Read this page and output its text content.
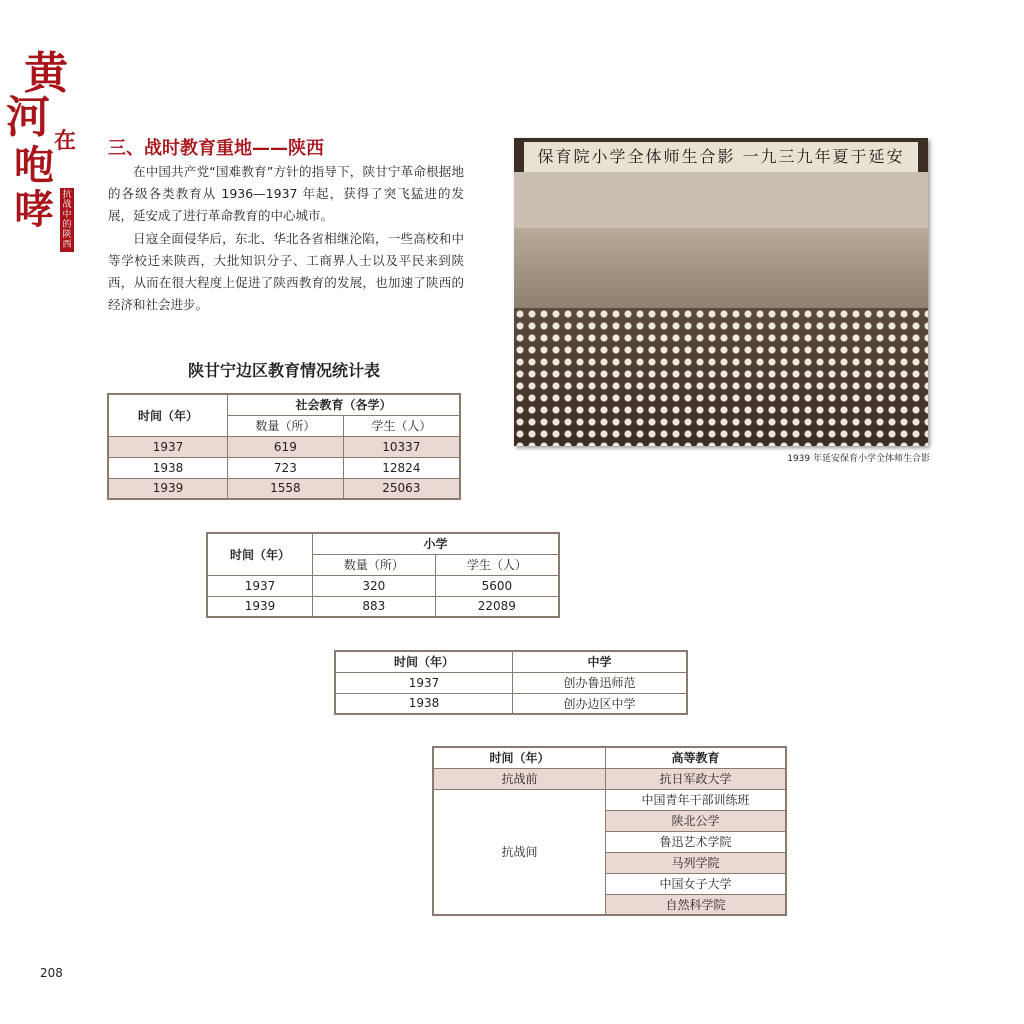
黄
河 在
咆
哮 抗战中的陕西
三、战时教育重地——陕西
在中国共产党“国难教育”方针的指导下，陕甘宁革命根据地的各级各类教育从 1936—1937 年起，获得了突飞猛进的发展，延安成了进行革命教育的中心城市。
日寇全面侵华后，东北、华北各省相继沦陷，一些高校和中等学校迁来陕西，大批知识分子、工商界人士以及平民来到陕西，从而在很大程度上促进了陕西教育的发展，也加速了陕西的经济和社会进步。
保育院小学全体师生合影 一九三九年夏于延安
1939 年延安保育小学全体师生合影
陕甘宁边区教育情况统计表
时间（年）	社会教育（各学）	
	数量（所）	学生（人）
1937	619	10337
1938	723	12824
1939	1558	25063
时间（年）	小学	
	数量（所）	学生（人）
1937	320	5600
1939	883	22089
时间（年）	中学
1937	创办鲁迅师范
1938	创办边区中学
时间（年）	高等教育
抗战前	抗日军政大学
抗战间	中国青年干部训练班
	陕北公学
	鲁迅艺术学院
	马列学院
	中国女子大学
	自然科学院
208
